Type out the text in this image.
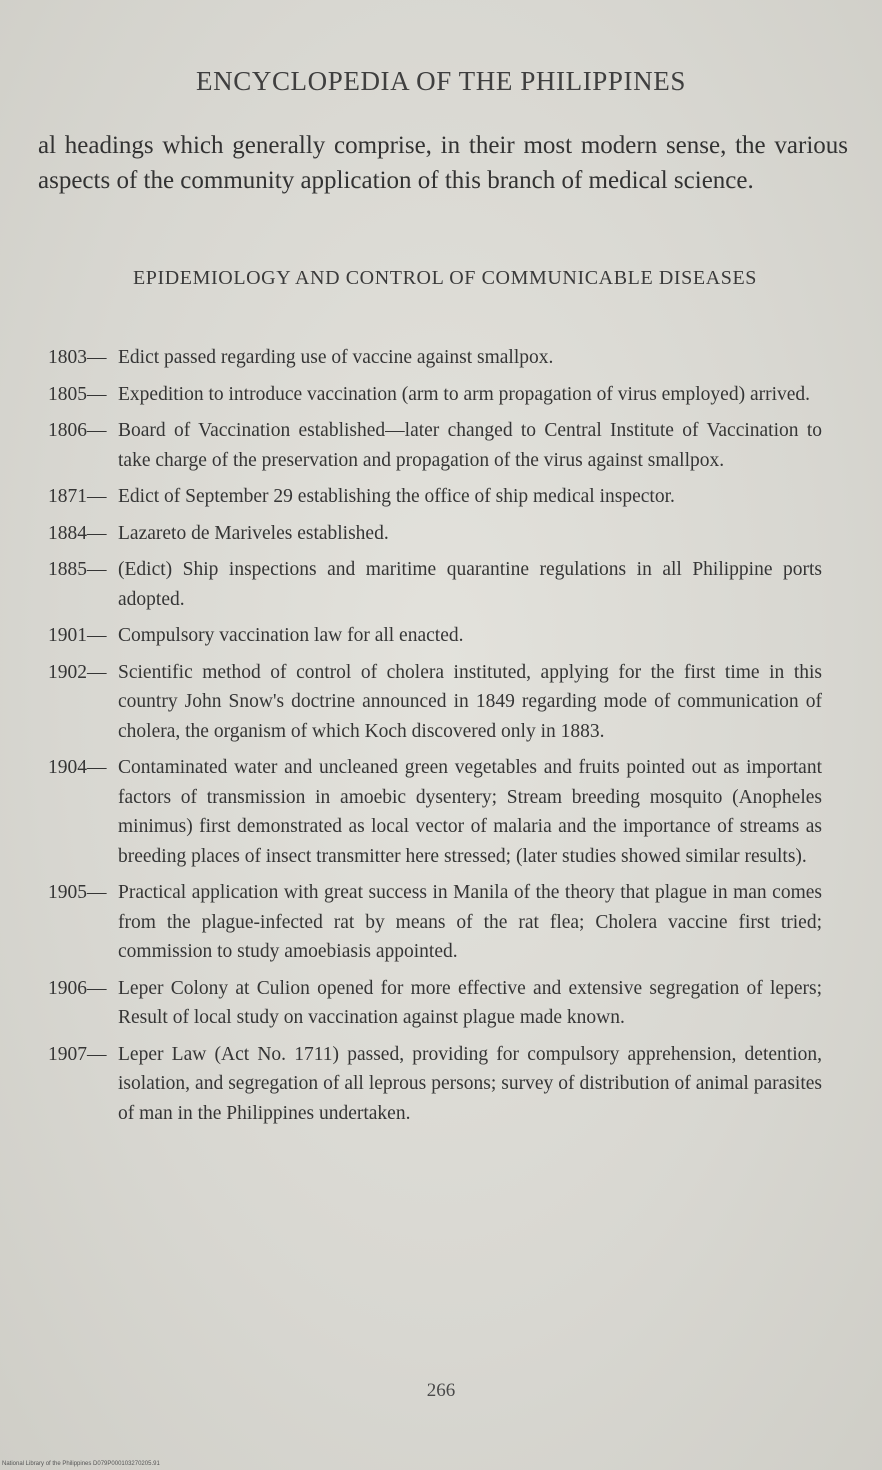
ENCYCLOPEDIA OF THE PHILIPPINES

al headings which generally comprise, in their most modern sense, the various aspects of the community application of this branch of medical science.

EPIDEMIOLOGY AND CONTROL OF COMMUNICABLE DISEASES
1803— Edict passed regarding use of vaccine against smallpox.
1805— Expedition to introduce vaccination (arm to arm propagation of virus employed) arrived.
1806— Board of Vaccination established—later changed to Central Institute of Vaccination to take charge of the preservation and propagation of the virus against smallpox.
1871— Edict of September 29 establishing the office of ship medical inspector.
1884— Lazareto de Mariveles established.
1885— (Edict) Ship inspections and maritime quarantine regulations in all Philippine ports adopted.
1901— Compulsory vaccination law for all enacted.
1902— Scientific method of control of cholera instituted, applying for the first time in this country John Snow's doctrine announced in 1849 regarding mode of communication of cholera, the organism of which Koch discovered only in 1883.
1904— Contaminated water and uncleaned green vegetables and fruits pointed out as important factors of transmission in amoebic dysentery; Stream breeding mosquito (Anopheles minimus) first demonstrated as local vector of malaria and the importance of streams as breeding places of insect transmitter here stressed; (later studies showed similar results).
1905— Practical application with great success in Manila of the theory that plague in man comes from the plague-infected rat by means of the rat flea; Cholera vaccine first tried; commission to study amoebiasis appointed.
1906— Leper Colony at Culion opened for more effective and extensive segregation of lepers; Result of local study on vaccination against plague made known.
1907— Leper Law (Act No. 1711) passed, providing for compulsory apprehension, detention, isolation, and segregation of all leprous persons; survey of distribution of animal parasites of man in the Philippines undertaken.
266
National Library of the Philippines D079P000103270205.91
